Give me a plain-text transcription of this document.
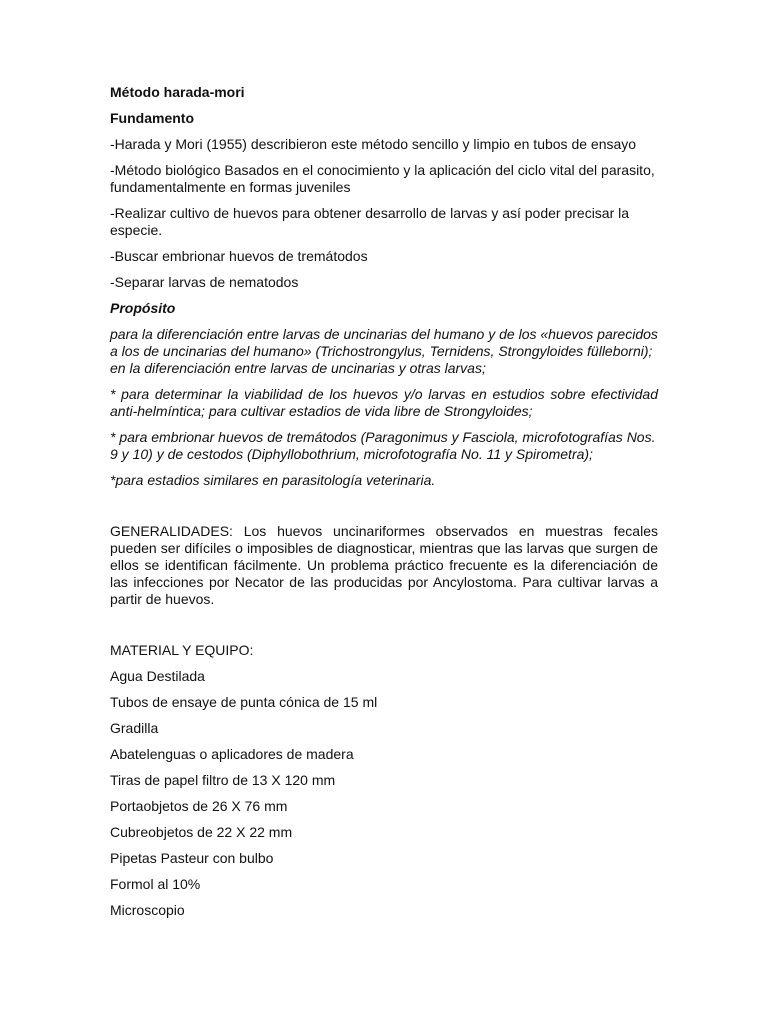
Método harada-mori

Fundamento

-Harada y Mori (1955) describieron este método sencillo y limpio en tubos de ensayo

-Método biológico Basados en el conocimiento y la aplicación del ciclo vital del parasito, fundamentalmente en formas juveniles

-Realizar cultivo de huevos para obtener desarrollo de larvas y así poder precisar la especie.

-Buscar embrionar huevos de tremátodos

-Separar larvas de nematodos

Propósito

para la diferenciación entre larvas de uncinarias del humano y de los «huevos parecidos a los de uncinarias del humano» (Trichostrongylus, Ternidens, Strongyloides fülleborni); en la diferenciación entre larvas de uncinarias y otras larvas;

* para determinar la viabilidad de los huevos y/o larvas en estudios sobre efectividad anti-helmíntica; para cultivar estadios de vida libre de Strongyloides;

* para embrionar huevos de tremátodos (Paragonimus y Fasciola, microfotografías Nos. 9 y 10) y de cestodos (Diphyllobothrium, microfotografía No. 11 y Spirometra);

*para estadios similares en parasitología veterinaria.

GENERALIDADES: Los huevos uncinariformes observados en muestras fecales pueden ser difíciles o imposibles de diagnosticar, mientras que las larvas que surgen de ellos se identifican fácilmente. Un problema práctico frecuente es la diferenciación de las infecciones por Necator de las producidas por Ancylostoma. Para cultivar larvas a partir de huevos.

MATERIAL Y EQUIPO:

Agua Destilada

Tubos de ensaye de punta cónica de 15 ml

Gradilla

Abatelenguas o aplicadores de madera

Tiras de papel filtro de 13 X 120 mm

Portaobjetos de 26 X 76 mm

Cubreobjetos de 22 X 22 mm

Pipetas Pasteur con bulbo

Formol al 10%

Microscopio
